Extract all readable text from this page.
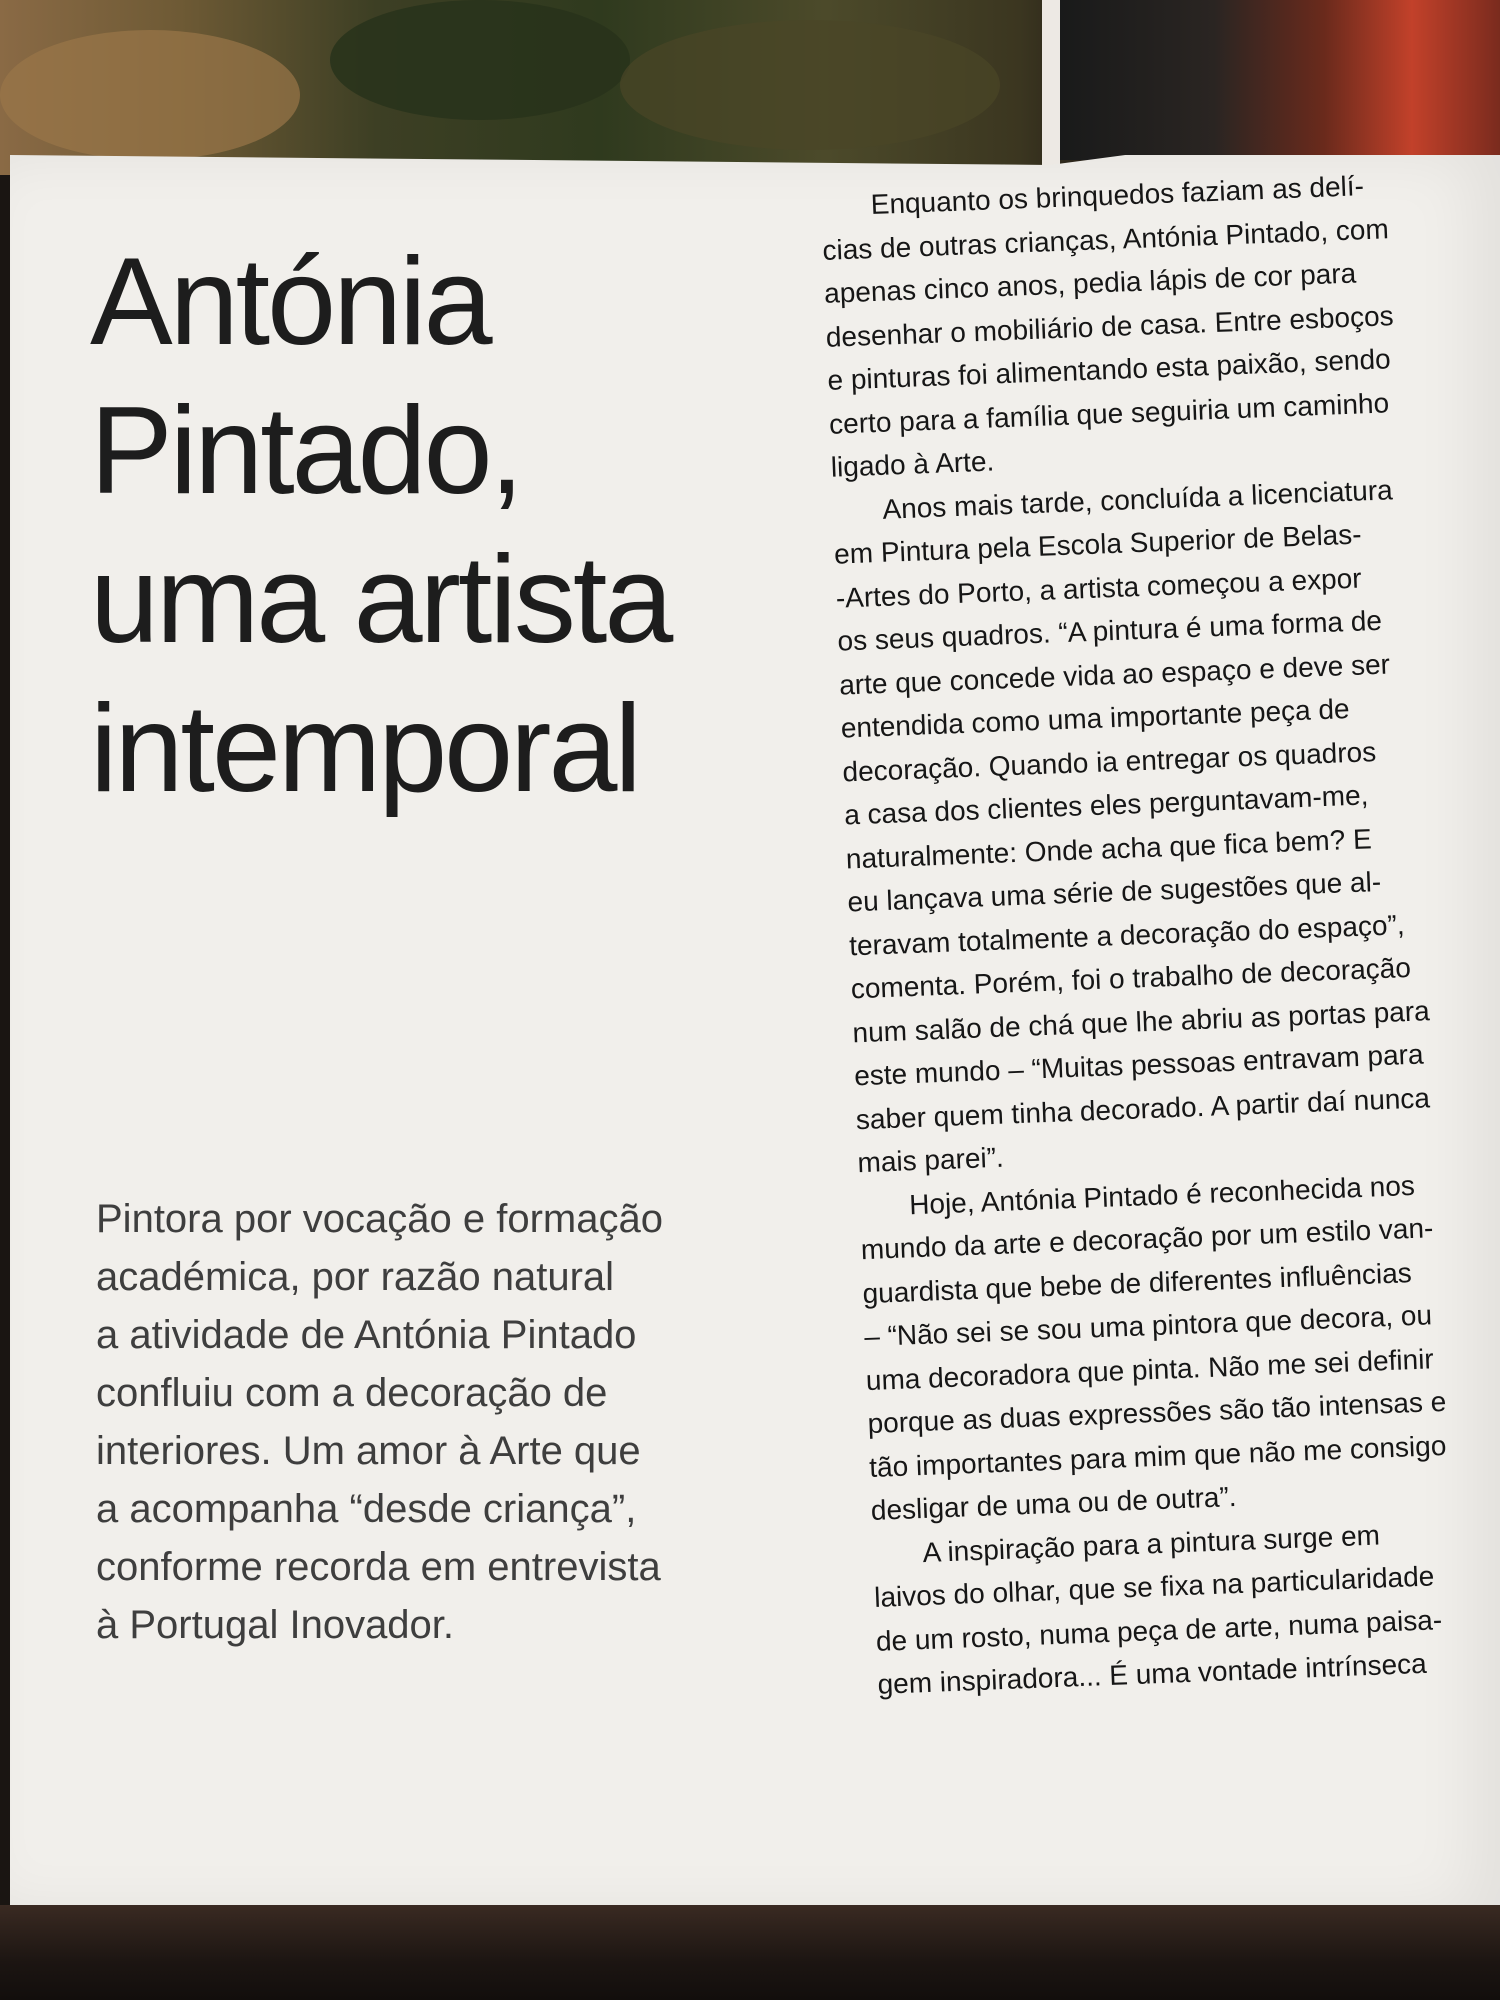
Antónia
Pintado,
uma artista
intemporal

Pintora por vocação e formação
académica, por razão natural
a atividade de Antónia Pintado
confluiu com a decoração de
interiores. Um amor à Arte que
a acompanha “desde criança”,
conforme recorda em entrevista
à Portugal Inovador.

Enquanto os brinquedos faziam as delí-
cias de outras crianças, Antónia Pintado, com
apenas cinco anos, pedia lápis de cor para
desenhar o mobiliário de casa. Entre esboços
e pinturas foi alimentando esta paixão, sendo
certo para a família que seguiria um caminho
ligado à Arte.

Anos mais tarde, concluída a licenciatura
em Pintura pela Escola Superior de Belas-
-Artes do Porto, a artista começou a expor
os seus quadros. “A pintura é uma forma de
arte que concede vida ao espaço e deve ser
entendida como uma importante peça de
decoração. Quando ia entregar os quadros
a casa dos clientes eles perguntavam-me,
naturalmente: Onde acha que fica bem? E
eu lançava uma série de sugestões que al-
teravam totalmente a decoração do espaço”,
comenta. Porém, foi o trabalho de decoração
num salão de chá que lhe abriu as portas para
este mundo – “Muitas pessoas entravam para
saber quem tinha decorado. A partir daí nunca
mais parei”.

Hoje, Antónia Pintado é reconhecida nos
mundo da arte e decoração por um estilo van-
guardista que bebe de diferentes influências
– “Não sei se sou uma pintora que decora, ou
uma decoradora que pinta. Não me sei definir
porque as duas expressões são tão intensas e
tão importantes para mim que não me consigo
desligar de uma ou de outra”.

A inspiração para a pintura surge em
laivos do olhar, que se fixa na particularidade
de um rosto, numa peça de arte, numa paisa-
gem inspiradora... É uma vontade intrínseca
